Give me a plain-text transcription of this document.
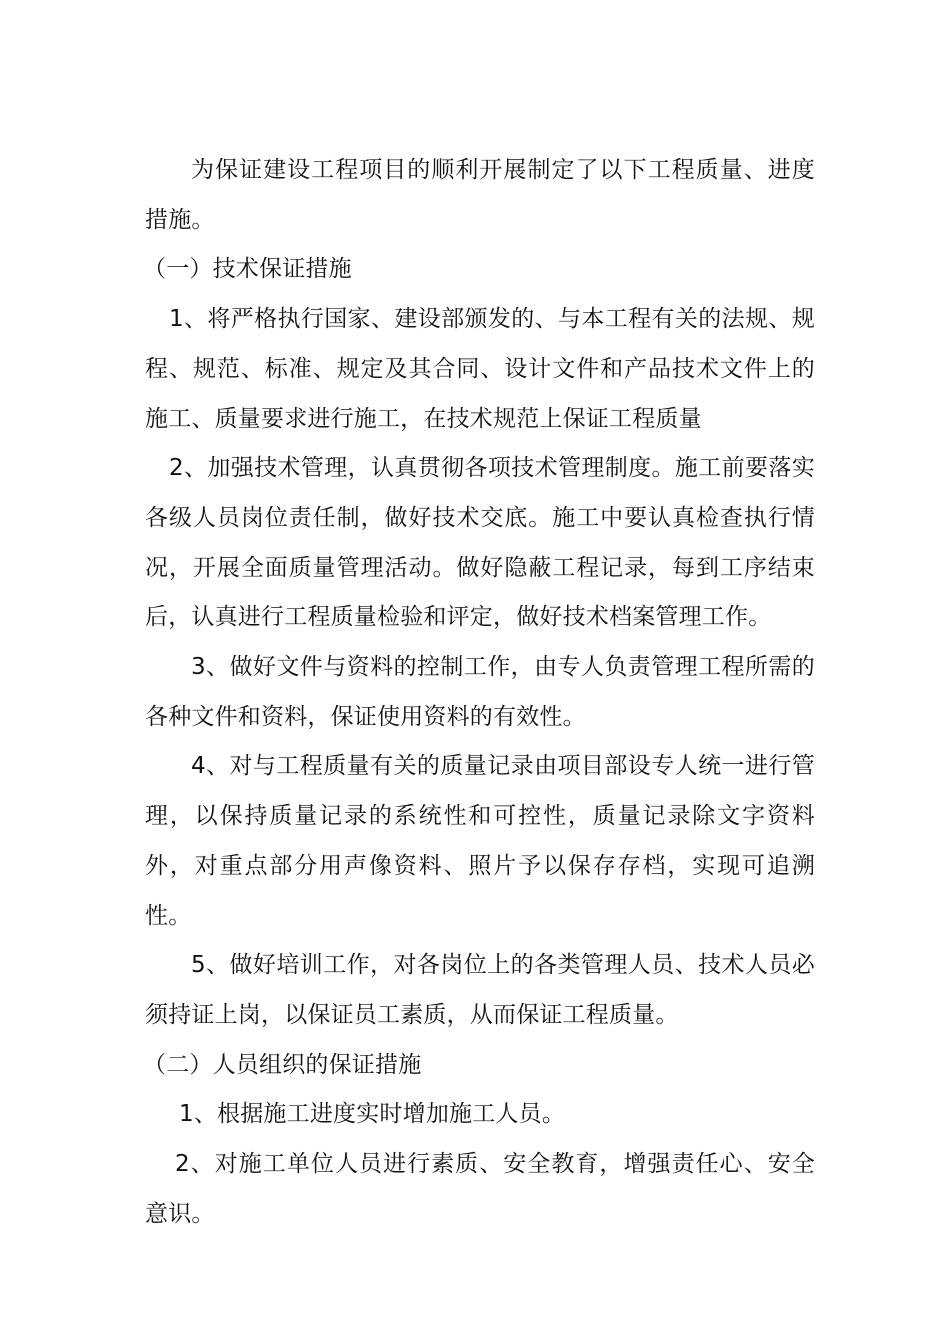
为保证建设工程项目的顺利开展制定了以下工程质量、进度措施。

（一）技术保证措施

1、将严格执行国家、建设部颁发的、与本工程有关的法规、规程、规范、标准、规定及其合同、设计文件和产品技术文件上的施工、质量要求进行施工，在技术规范上保证工程质量

2、加强技术管理，认真贯彻各项技术管理制度。施工前要落实各级人员岗位责任制，做好技术交底。施工中要认真检查执行情况，开展全面质量管理活动。做好隐蔽工程记录，每到工序结束后，认真进行工程质量检验和评定，做好技术档案管理工作。

3、做好文件与资料的控制工作，由专人负责管理工程所需的各种文件和资料，保证使用资料的有效性。

4、对与工程质量有关的质量记录由项目部设专人统一进行管理，以保持质量记录的系统性和可控性，质量记录除文字资料外，对重点部分用声像资料、照片予以保存存档，实现可追溯性。

5、做好培训工作，对各岗位上的各类管理人员、技术人员必须持证上岗，以保证员工素质，从而保证工程质量。

（二）人员组织的保证措施

1、根据施工进度实时增加施工人员。

2、对施工单位人员进行素质、安全教育，增强责任心、安全意识。
